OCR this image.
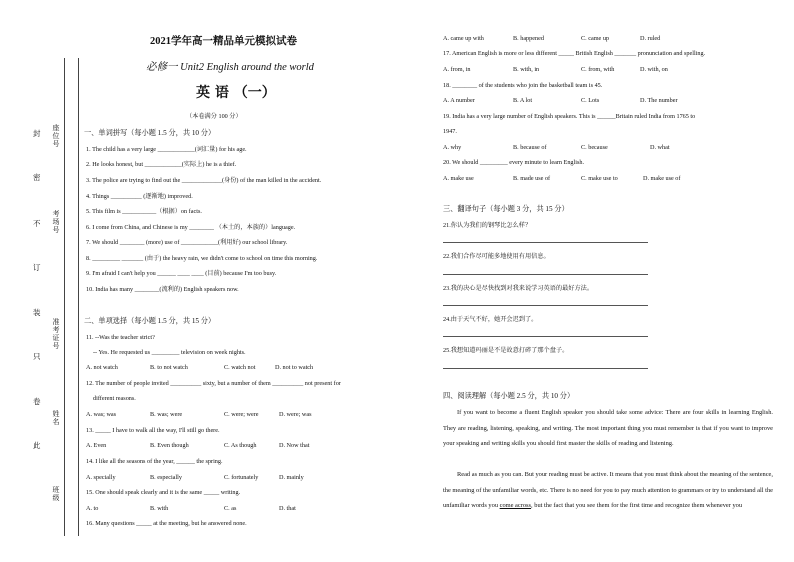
座位号
考场号
准考证号
姓名
班级
封
密
不
订
装
只
卷
此
2021学年高一精品单元模拟试卷
必修一 Unit2 English around the world
英 语 （一）
（本卷满分 100 分）
一、单词拼写（每小题 1.5 分，共 10 分）
1. The child has a very large ____________(词汇量) for his age.
2. He looks honest, but ____________(实际上) he is a thief.
3. The police are trying to find out the _____________(身份) of the man killed in the accident.
4. Things __________ (逐渐地) improved.
5. This film is ___________（根据）on facts.
6. I come from China, and Chinese is my ________ （本土的，本族的）language.
7. We should ________ (more) use of ____________(利用好) our school library.
8. _________ _______ (由于) the heavy rain, we didn't come to school on time this morning.
9. I'm afraid I can't help you ______ ____ ____ (目前) because I'm too busy.
10. India has many ________(流利的) English speakers now.
二、单项选择（每小题 1.5 分，共 15 分）
11. --Was the teacher strict?
-- Yes. He requested us _________ television on week nights.
A. not watch	B. to not watch	C. watch not	D. not to watch
12. The number of people invited __________ sixty, but a number of them __________ not present for
different reasons.
A. was; was	B. was; were	C. were; were	D. were; was
13. _____ I have to walk all the way, I'll still go there.
A. Even	B. Even though	C. As though	D. Now that
14. I like all the seasons of the year, ______ the spring.
A. specially	B. especially	C. fortunately	D. mainly
15. One should speak clearly and it is the same _____ writing.
A. to	B. with	C. as	D. that
16. Many questions _____ at the meeting, but he answered none.
A. came up with	B. happened	C. came up	D. ruled
17. American English is more or less different _____ British English _______ pronunciation and spelling.
A. from, in	B. with, in	C. from, with	D. with, on
18. ________ of the students who join the basketball team is 45.
A. A number	B. A lot	C. Lots	D. The number
19. India has a very large number of English speakers. This is ______Britain ruled India from 1765 to
1947.
A. why	B. because of	C. because	D. what
20. We should _________ every minute to learn English.
A. make use	B. made use of	C. make use to	D. make use of
三、翻译句子（每小题 3 分，共 15 分）
21.你认为我们的钢琴比怎么样？
22.我们合作尽可能多地使用有用信息。
23.我的决心是尽快找到对我来说学习英语的最好方法。
24.由于天气不好，她开会迟到了。
25.我想知道玛丽是不是故意打碎了那个盘子。
四、阅读理解（每小题 2.5 分，共 10 分）
If you want to become a fluent English speaker you should take some advice: There are four skills in learning English. They are reading, listening, speaking, and writing. The most important thing you must remember is that if you want to improve your speaking and writing skills you should first master the skills of reading and listening.
Read as much as you can. But your reading must be active. It means that you must think about the meaning of the sentence, the meaning of the unfamiliar words, etc. There is no need for you to pay much attention to grammars or try to understand all the unfamiliar words you come across, but the fact that you see them for the first time and recognize them whenever you
